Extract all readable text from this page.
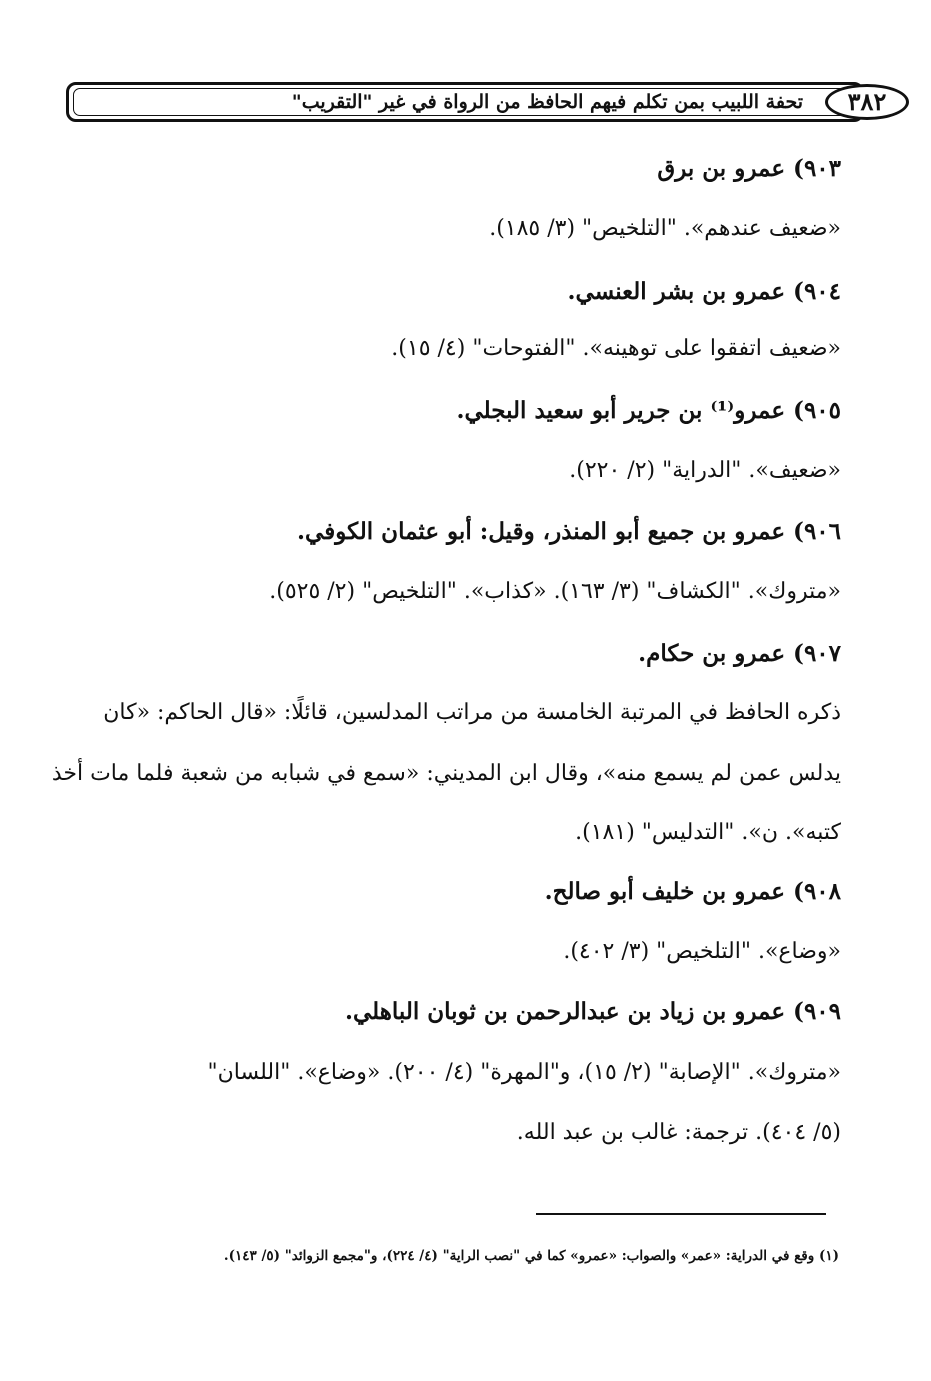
٣٨٢
تحفة اللبيب بمن تكلم فيهم الحافظ من الرواة في غير "التقريب"
٩٠٣) عمرو بن برق
«ضعيف عندهم». "التلخيص" (٣/ ١٨٥).
٩٠٤) عمرو بن بشر العنسي.
«ضعيف اتفقوا على توهينه». "الفتوحات" (٤/ ١٥).
٩٠٥) عمرو⁽¹⁾ بن جرير أبو سعيد البجلي.
«ضعيف». "الدراية" (٢/ ٢٢٠).
٩٠٦) عمرو بن جميع أبو المنذر، وقيل: أبو عثمان الكوفي.
«متروك». "الكشاف" (٣/ ١٦٣). «كذاب». "التلخيص" (٢/ ٥٢٥).
٩٠٧) عمرو بن حكام.
ذكره الحافظ في المرتبة الخامسة من مراتب المدلسين، قائلًا: «قال الحاكم: «كان
يدلس عمن لم يسمع منه»، وقال ابن المديني: «سمع في شبابه من شعبة فلما مات أخذ
كتبه». ن». "التدليس" (١٨١).
٩٠٨) عمرو بن خليف أبو صالح.
«وضاع». "التلخيص" (٣/ ٤٠٢).
٩٠٩) عمرو بن زياد بن عبدالرحمن بن ثوبان الباهلي.
«متروك». "الإصابة" (٢/ ١٥)، و"المهرة" (٤/ ٢٠٠). «وضاع». "اللسان"
(٥/ ٤٠٤). ترجمة: غالب بن عبد الله.
(١) وقع في الدراية: «عمر» والصواب: «عمرو» كما في "نصب الراية" (٤/ ٢٢٤)، و"مجمع الزوائد" (٥/ ١٤٣).
